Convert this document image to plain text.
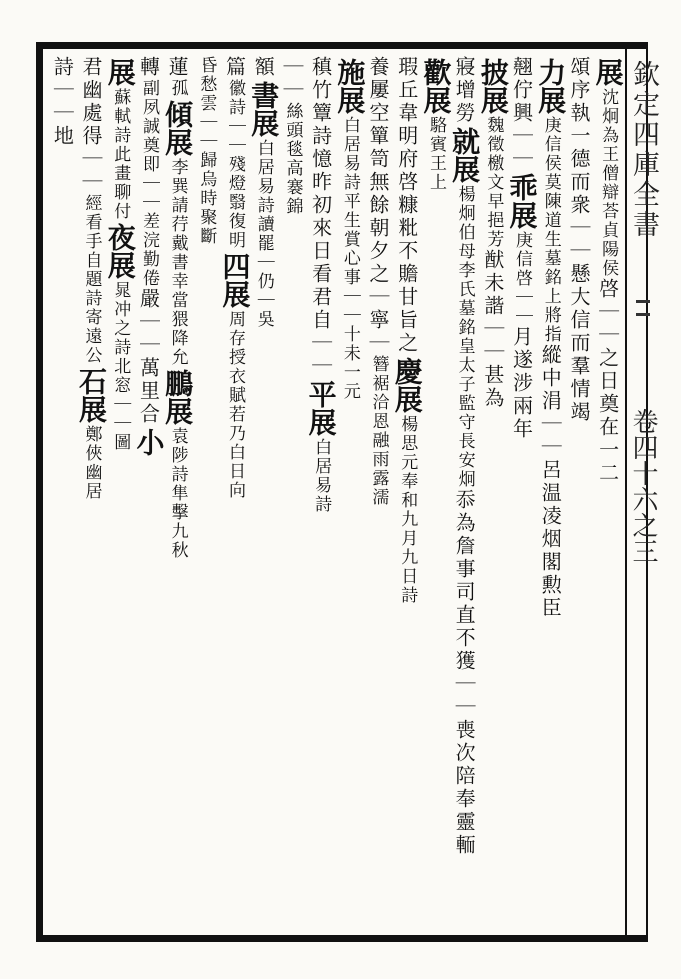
欽定四庫全書
卷四十六之三
展
沈炯為王僧辯荅貞陽侯
啓｜｜之日奠在一二
頌序執一德而衆｜｜懸大信而羣情竭
力展
庚信侯莫陳道生墓銘上將指
縱中涓｜｜呂温凌烟閣勲臣
翹佇興｜｜
乖展
庚信啓｜｜
月遂涉兩年
披展
魏徵檄文早挹芳
猷未諧｜｜甚為
寢增勞
就展
楊炯伯母李氏墓銘皇太子監守長安炯
忝為詹事司直不獲｜｜喪次陪奉靈輀
歡展
駱賓王上
瑕丘韋明府啓糠粃不贍甘旨之
慶展
楊思元奉和九月九日詩
養屢空簞笥無餘朝夕之｜寧｜
簪裾洽恩融雨露濡
施展
白居易詩平生賞心事｜｜十未一元
稹竹簟詩憶昨初來日看君自｜｜
平展
白居易詩
｜｜
絲頭毯高褰錦
額
書展
白居易詩讀罷｜仍｜吳
篇
徽詩｜｜殘燈翳復明
四展
周存授衣賦若乃白日向
昏愁雲｜｜歸烏時聚斷
蓮
孤
傾展
李巽請荇戴書幸當猥降允
鵬展
袁陟詩隼擊九秋
轉
副夙誠奠即｜｜差浣勤倦
嚴｜｜萬里合
小
展
蘇軾詩此畫聊付
夜展
晁冲之詩北窓｜｜圖
君幽處得｜｜
經看手自題詩寄遠公
石展
鄭俠幽居
詩｜｜地
